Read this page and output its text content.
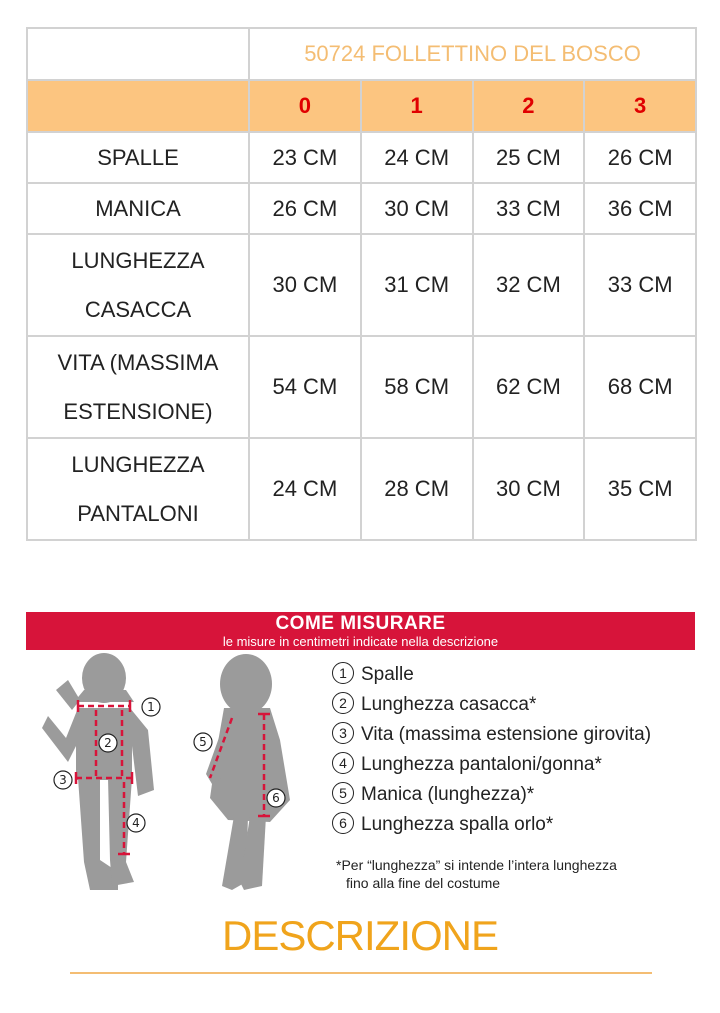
	50724 FOLLETTINO DEL BOSCO			
	0	1	2	3
SPALLE	23 CM	24 CM	25 CM	26 CM
MANICA	26 CM	30 CM	33 CM	36 CM
LUNGHEZZA
CASACCA	30 CM	31 CM	32 CM	33 CM
VITA (MASSIMA
ESTENSIONE)	54 CM	58 CM	62 CM	68 CM
LUNGHEZZA
PANTALONI	24 CM	28 CM	30 CM	35 CM
COME MISURARE
le misure in centimetri indicate nella descrizione
1
2
3
4
5
6
1 Spalle
2 Lunghezza casacca*
3 Vita (massima estensione girovita)
4 Lunghezza pantaloni/gonna*
5 Manica (lunghezza)*
6 Lunghezza spalla orlo*
*Per “lunghezza” si intende l’intera lunghezza
fino alla fine del costume
DESCRIZIONE
